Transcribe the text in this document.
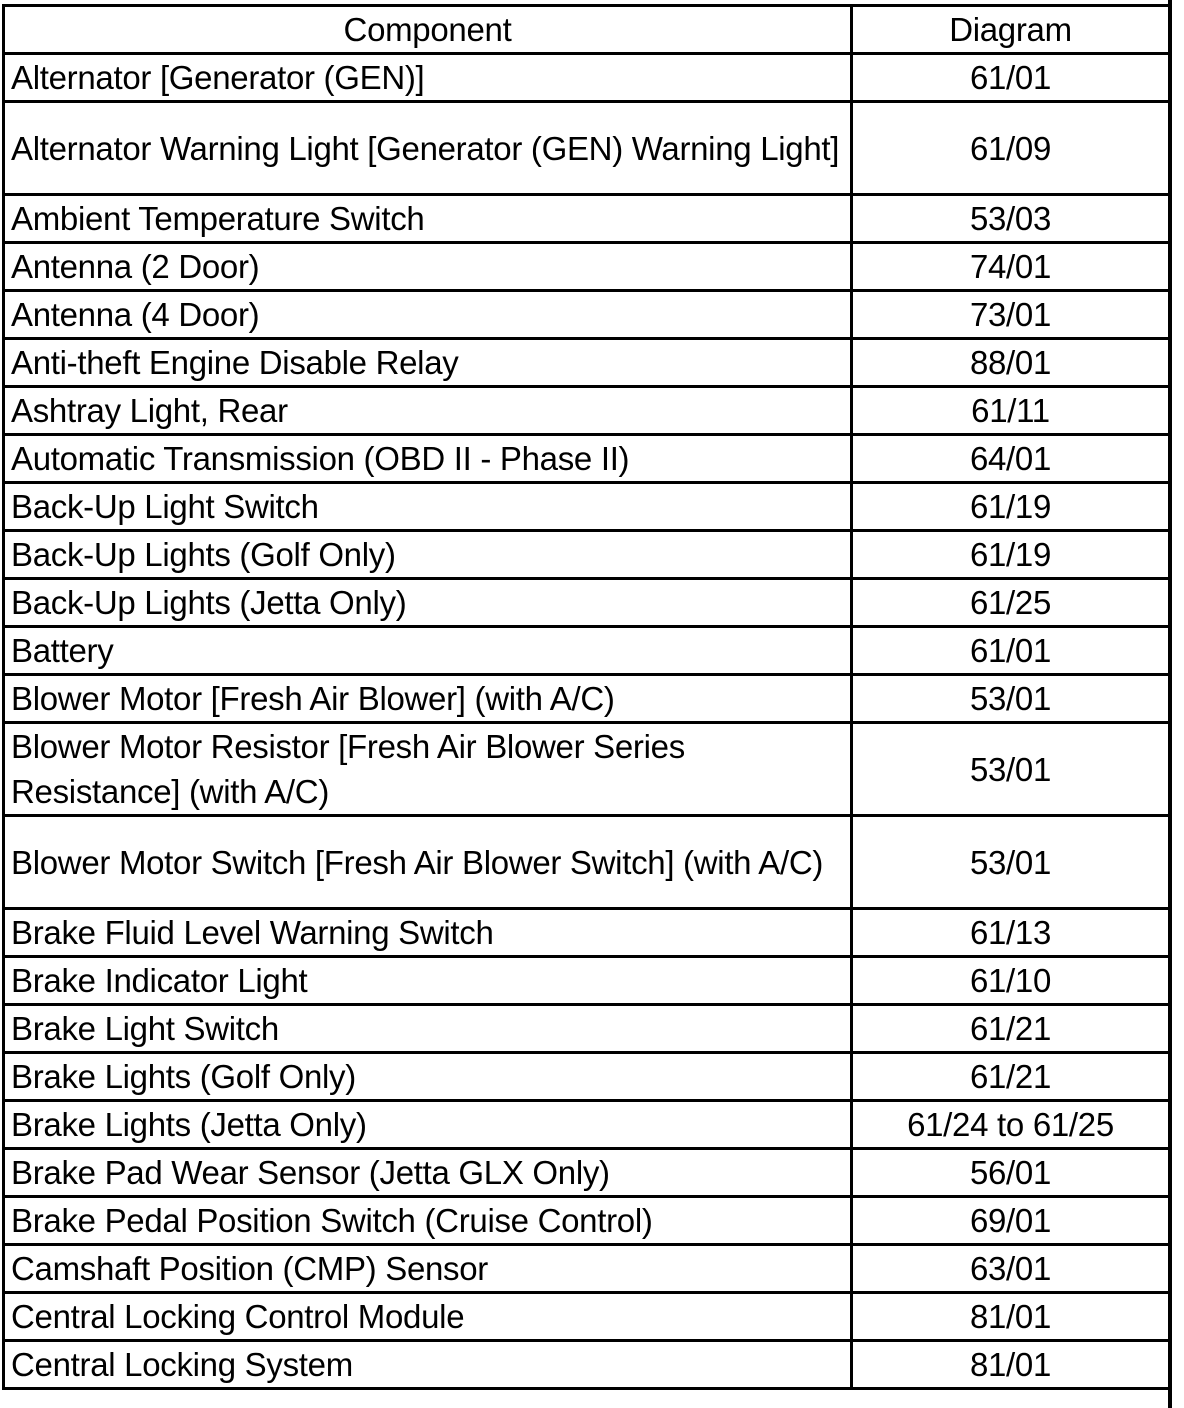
Component	Diagram
Alternator [Generator (GEN)]	61/01
Alternator Warning Light [Generator (GEN) Warning Light]	61/09
Ambient Temperature Switch	53/03
Antenna (2 Door)	74/01
Antenna (4 Door)	73/01
Anti-theft Engine Disable Relay	88/01
Ashtray Light, Rear	61/11
Automatic Transmission (OBD II - Phase II)	64/01
Back-Up Light Switch	61/19
Back-Up Lights (Golf Only)	61/19
Back-Up Lights (Jetta Only)	61/25
Battery	61/01
Blower Motor [Fresh Air Blower] (with A/C)	53/01
Blower Motor Resistor [Fresh Air Blower Series Resistance] (with A/C)	53/01
Blower Motor Switch [Fresh Air Blower Switch] (with A/C)	53/01
Brake Fluid Level Warning Switch	61/13
Brake Indicator Light	61/10
Brake Light Switch	61/21
Brake Lights (Golf Only)	61/21
Brake Lights (Jetta Only)	61/24 to 61/25
Brake Pad Wear Sensor (Jetta GLX Only)	56/01
Brake Pedal Position Switch (Cruise Control)	69/01
Camshaft Position (CMP) Sensor	63/01
Central Locking Control Module	81/01
Central Locking System	81/01
